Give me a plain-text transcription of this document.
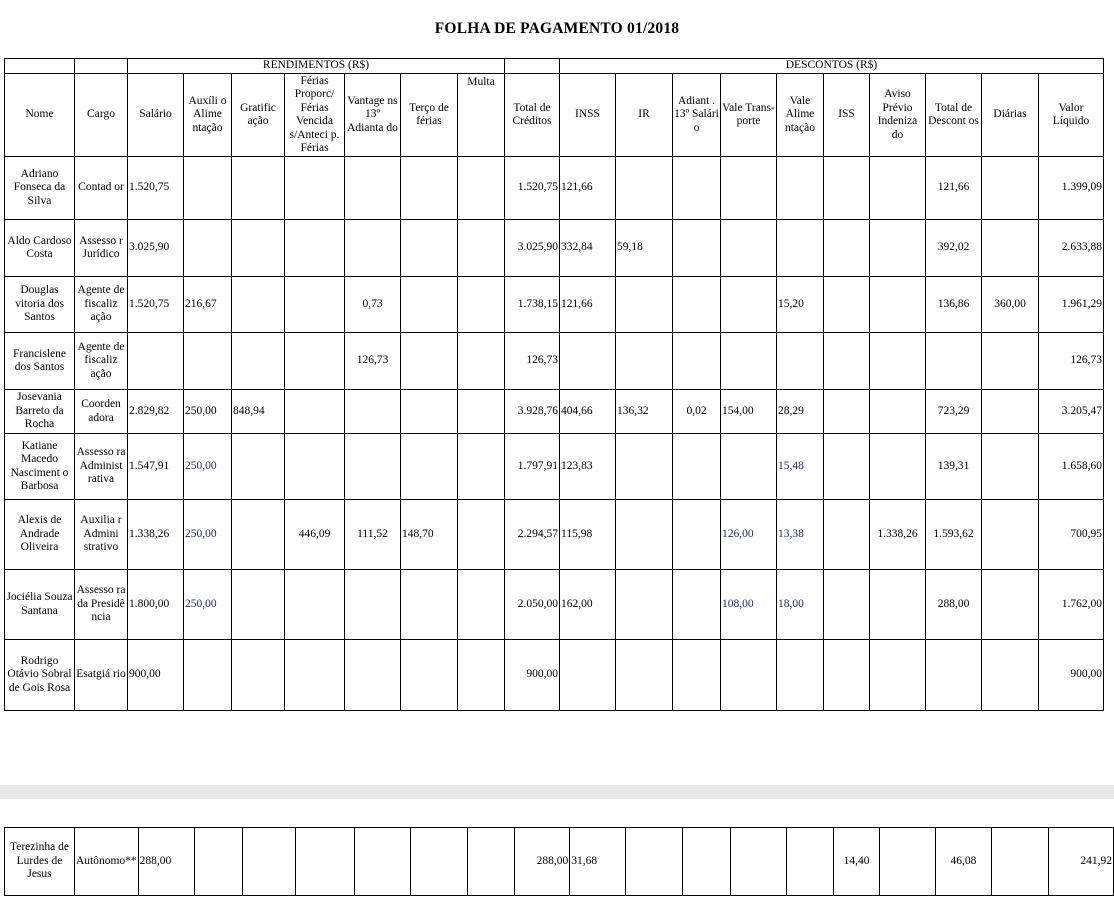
FOLHA DE PAGAMENTO 01/2018
		RENDIMENTOS (R$)								DESCONTOS (R$)									
Nome	Cargo	Salário	Auxíli o Alime ntação	Gratific ação	Férias Proporc/ Férias Vencida s/Anteci p. Férias	Vantage ns 13º Adianta do	Terço de férias	Multa	Total de Créditos	INSS	IR	Adiant . 13º Salári o	Vale Trans- porte	Vale Alime ntação	ISS	Aviso Prévio Indeniza do	Total de Descont os	Diárias	Valor Líquido
Adriano Fonseca da Silva	Contad or	1.520,75							1.520,75	121,66							121,66		1.399,09
Aldo Cardoso Costa	Assesso r Jurídico	3.025,90							3.025,90	332,84	59,18						392,02		2.633,88
Douglas vitoria dos Santos	Agente de fiscaliz ação	1.520,75	216,67			0,73			1.738,15	121,66				15,20			136,86	360,00	1.961,29
Francislene dos Santos	Agente de fiscaliz ação					126,73			126,73										126,73
Josevania Barreto da Rocha	Coorden adora	2.829,82	250,00	848,94					3.928,76	404,66	136,32	0,02	154,00	28,29			723,29		3.205,47
Katiane Macedo Nasciment o Barbosa	Assesso ra Administ rativa	1.547,91	250,00						1.797,91	123,83				15,48			139,31		1.658,60
Alexis de Andrade Oliveira	Auxilia r Admini strativo	1.338,26	250,00		446,09	111,52	148,70		2.294,57	115,98			126,00	13,38		1.338,26	1.593,62		700,95
Jociélia Souza Santana	Assesso ra da Presidê ncia	1.800,00	250,00						2.050,00	162,00			108,00	18,00			288,00		1.762,00
Rodrigo Otávio Sobral de Gois Rosa	Esatgiá rio	900,00							900,00										900,00
Terezinha de Lurdes de Jesus	Autônomo**	288,00							288,00	31,68					14,40		46,08		241,92
